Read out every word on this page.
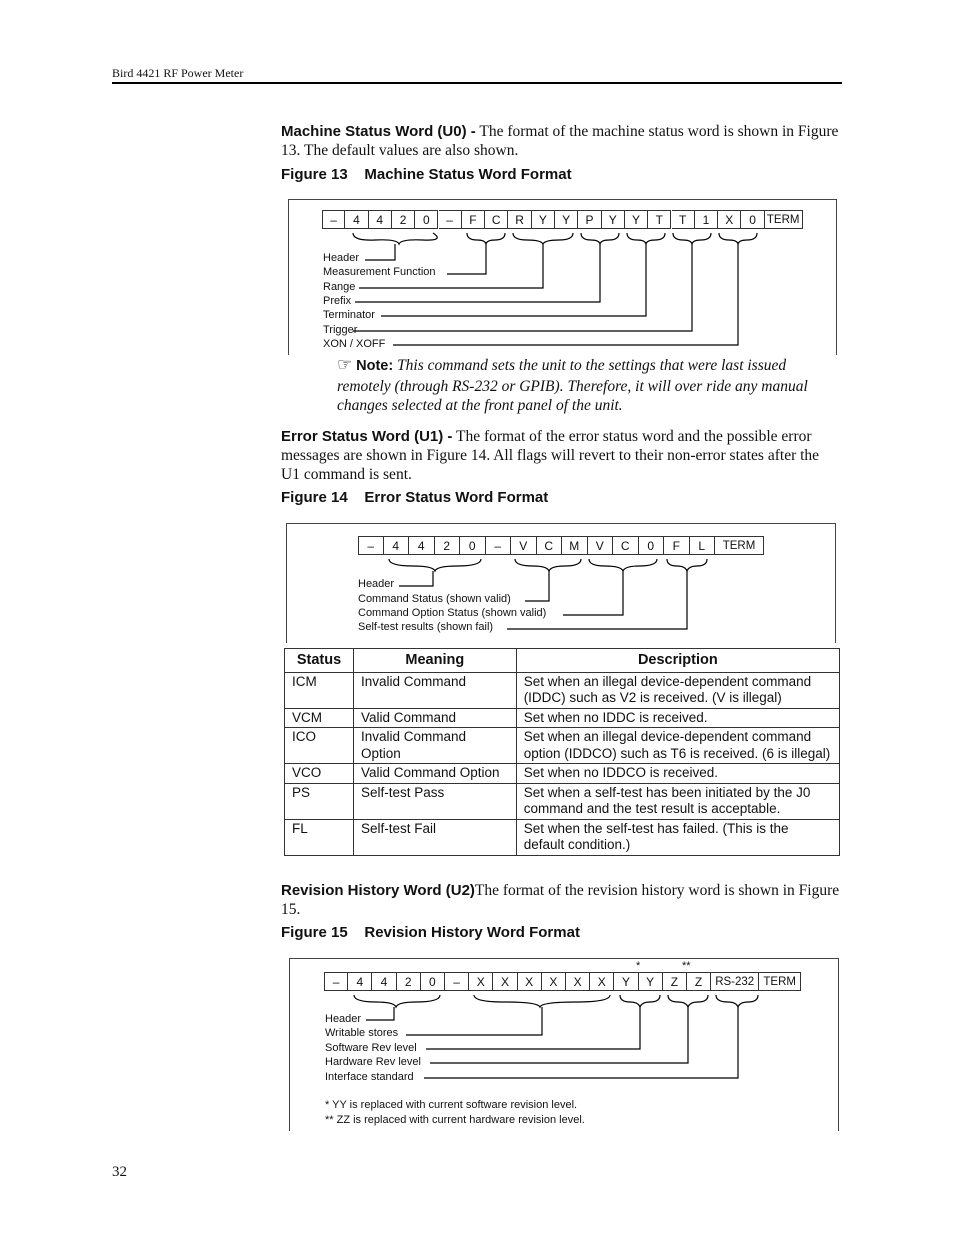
Bird 4421 RF Power Meter
Machine Status Word (U0) - The format of the machine status word is shown in Figure 13. The default values are also shown.
Figure 13    Machine Status Word Format
–	4	4	2	0	–	F	C	R	Y	Y	P	Y	Y	T	T	1	X	0 TERM
Header
Measurement Function
Range
Prefix
Terminator
Trigger
XON / XOFF
☞ Note: This command sets the unit to the settings that were last issued remotely (through RS-232 or GPIB). Therefore, it will over ride any manual changes selected at the front panel of the unit.
Error Status Word (U1) - The format of the error status word and the possible error messages are shown in Figure 14. All flags will revert to their non-error states after the U1 command is sent.
Figure 14    Error Status Word Format
–	4	4	2	0	–	V	C	M	V	C	0	F	L	TERM
Header
Command Status (shown valid)
Command Option Status (shown valid)
Self-test results (shown fail)
Status	Meaning	Description
ICM	Invalid Command	Set when an illegal device-dependent command (IDDC) such as V2 is received. (V is illegal)
VCM	Valid Command	Set when no IDDC is received.
ICO	Invalid Command Option	Set when an illegal device-dependent command option (IDDCO) such as T6 is received. (6 is illegal)
VCO	Valid Command Option	Set when no IDDCO is received.
PS	Self-test Pass	Set when a self-test has been initiated by the J0 command and the test result is acceptable.
FL	Self-test Fail	Set when the self-test has failed. (This is the default condition.)
Revision History Word (U2)The format of the revision history word is shown in Figure 15.
Figure 15    Revision History Word Format
*	**
–	4	4	2	0	–	X	X	X	X	X	X	Y	Y	Z	Z	RS-232 TERM
Header
Writable stores
Software Rev level
Hardware Rev level
Interface standard
* YY is replaced with current software revision level.
** ZZ is replaced with current hardware revision level.
32
